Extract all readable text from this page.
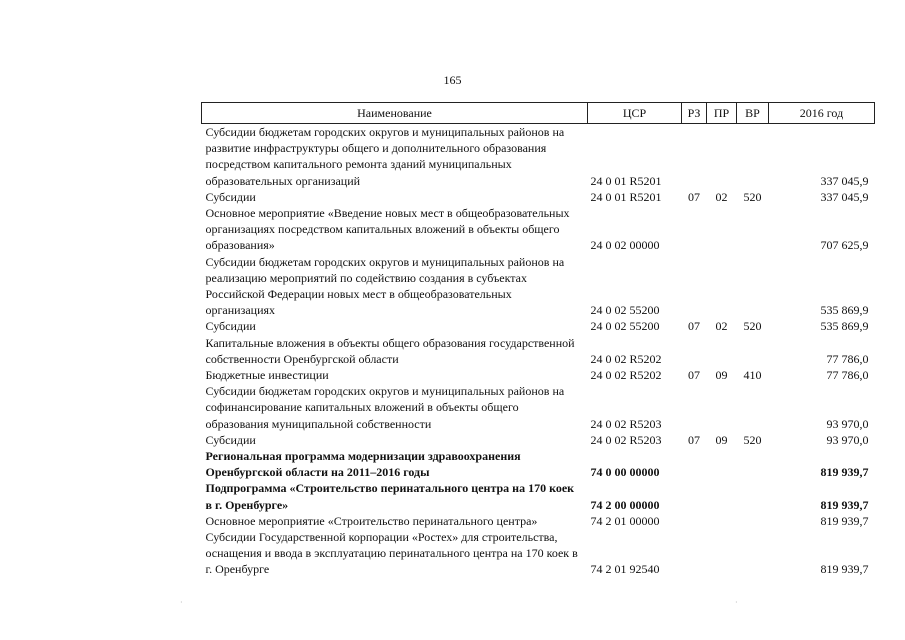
165
Наименование	ЦСР	РЗ	ПР	ВР	2016 год
Субсидии бюджетам городских округов и муниципальных районов на развитие инфраструктуры общего и дополнительного образования посредством капитального ремонта зданий муниципальных образовательных организаций	24 0 01 R5201				337 045,9
Субсидии	24 0 01 R5201	07	02	520	337 045,9
Основное мероприятие «Введение новых мест в общеобразовательных организациях посредством капитальных вложений в объекты общего образования»	24 0 02 00000				707 625,9
Субсидии бюджетам городских округов и муниципальных районов на реализацию мероприятий по содействию создания в субъектах Российской Федерации новых мест в общеобразовательных организациях	24 0 02 55200				535 869,9
Субсидии	24 0 02 55200	07	02	520	535 869,9
Капитальные вложения в объекты общего образования государственной собственности Оренбургской области	24 0 02 R5202				77 786,0
Бюджетные инвестиции	24 0 02 R5202	07	09	410	77 786,0
Субсидии бюджетам городских округов и муниципальных районов на софинансирование капитальных вложений в объекты общего образования муниципальной собственности	24 0 02 R5203				93 970,0
Субсидии	24 0 02 R5203	07	09	520	93 970,0
Региональная программа модернизации здравоохранения Оренбургской области на 2011–2016 годы	74 0 00 00000				819 939,7
Подпрограмма «Строительство перинатального центра на 170 коек в г. Оренбурге»	74 2 00 00000				819 939,7
Основное мероприятие «Строительство перинатального центра»	74 2 01 00000				819 939,7
Субсидии Государственной корпорации «Ростех» для строительства, оснащения и ввода в эксплуатацию перинатального центра на 170 коек в г. Оренбурге	74 2 01 92540				819 939,7
·	·
